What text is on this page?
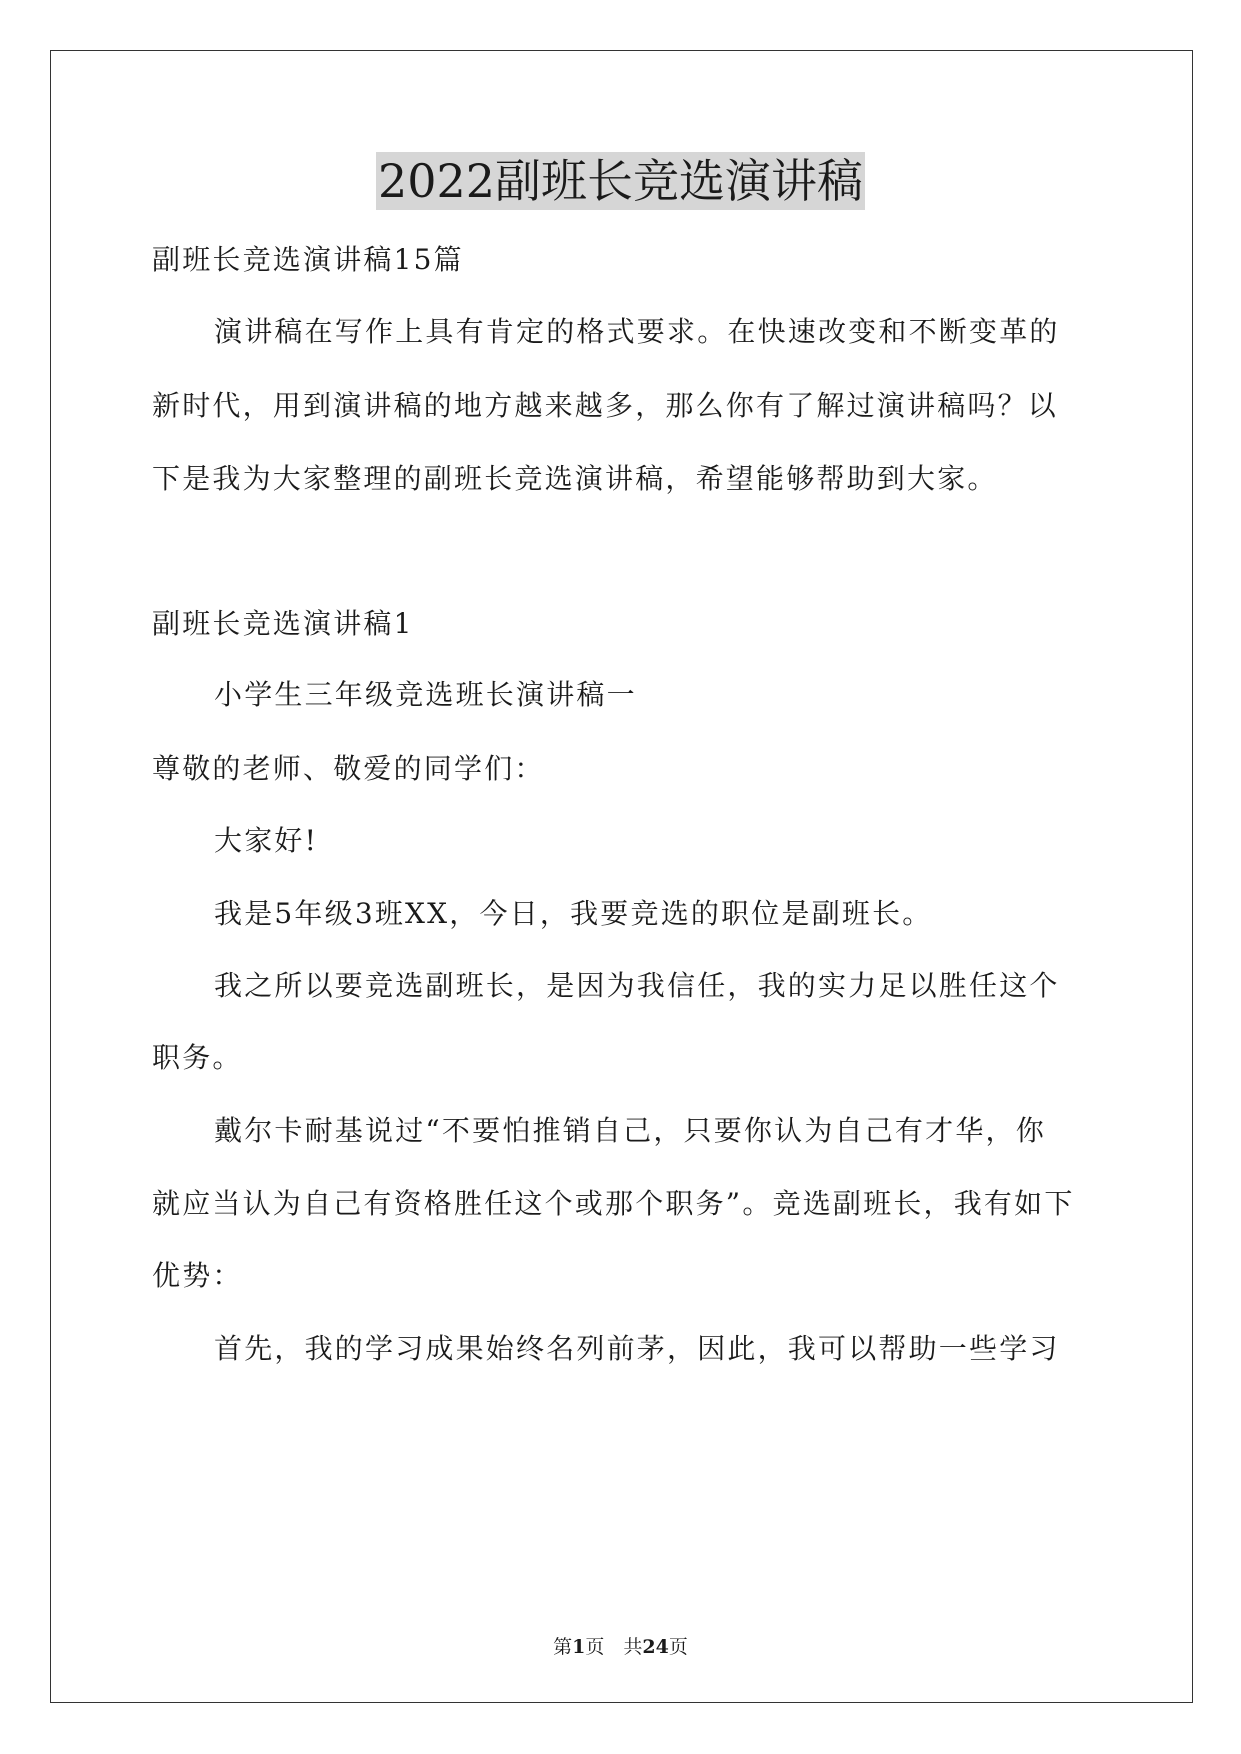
2022副班长竞选演讲稿
副班长竞选演讲稿15篇
演讲稿在写作上具有肯定的格式要求。在快速改变和不断变革的
新时代，用到演讲稿的地方越来越多，那么你有了解过演讲稿吗？以
下是我为大家整理的副班长竞选演讲稿，希望能够帮助到大家。
副班长竞选演讲稿1
小学生三年级竞选班长演讲稿一
尊敬的老师、敬爱的同学们：
大家好!
我是5年级3班XX，今日，我要竞选的职位是副班长。
我之所以要竞选副班长，是因为我信任，我的实力足以胜任这个
职务。
戴尔卡耐基说过“不要怕推销自己，只要你认为自己有才华，你
就应当认为自己有资格胜任这个或那个职务”。竞选副班长，我有如下
优势：
首先，我的学习成果始终名列前茅，因此，我可以帮助一些学习
第1页　共24页
